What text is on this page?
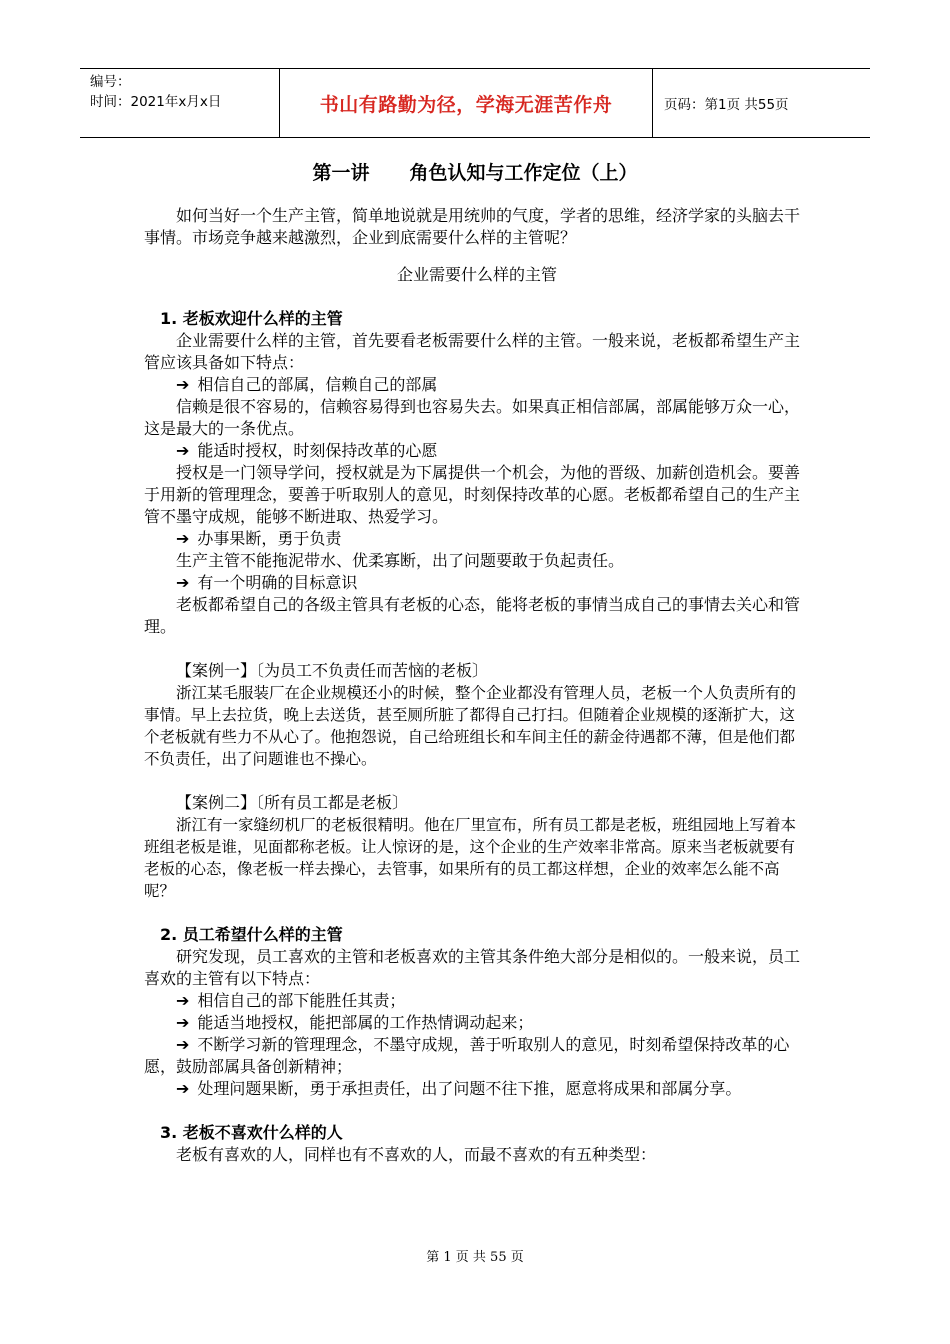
编号：
时间：2021年x月x日	书山有路勤为径，学海无涯苦作舟	页码：第1页 共55页
第一讲 角色认知与工作定位（上）

如何当好一个生产主管，简单地说就是用统帅的气度，学者的思维，经济学家的头脑去干事情。市场竞争越来越激烈，企业到底需要什么样的主管呢？

企业需要什么样的主管

1. 老板欢迎什么样的主管

企业需要什么样的主管，首先要看老板需要什么样的主管。一般来说，老板都希望生产主管应该具备如下特点：

➔ 相信自己的部属，信赖自己的部属

信赖是很不容易的，信赖容易得到也容易失去。如果真正相信部属，部属能够万众一心，这是最大的一条优点。

➔ 能适时授权，时刻保持改革的心愿

授权是一门领导学问，授权就是为下属提供一个机会，为他的晋级、加薪创造机会。要善于用新的管理理念，要善于听取别人的意见，时刻保持改革的心愿。老板都希望自己的生产主管不墨守成规，能够不断进取、热爱学习。

➔ 办事果断，勇于负责

生产主管不能拖泥带水、优柔寡断，出了问题要敢于负起责任。

➔ 有一个明确的目标意识

老板都希望自己的各级主管具有老板的心态，能将老板的事情当成自己的事情去关心和管理。

【案例一】〔为员工不负责任而苦恼的老板〕

浙江某毛服装厂在企业规模还小的时候，整个企业都没有管理人员，老板一个人负责所有的事情。早上去拉货，晚上去送货，甚至厕所脏了都得自己打扫。但随着企业规模的逐渐扩大，这个老板就有些力不从心了。他抱怨说，自己给班组长和车间主任的薪金待遇都不薄，但是他们都不负责任，出了问题谁也不操心。

【案例二】〔所有员工都是老板〕

浙江有一家缝纫机厂的老板很精明。他在厂里宣布，所有员工都是老板，班组园地上写着本班组老板是谁，见面都称老板。让人惊讶的是，这个企业的生产效率非常高。原来当老板就要有老板的心态，像老板一样去操心，去管事，如果所有的员工都这样想，企业的效率怎么能不高呢？

2. 员工希望什么样的主管

研究发现，员工喜欢的主管和老板喜欢的主管其条件绝大部分是相似的。一般来说，员工喜欢的主管有以下特点：

➔ 相信自己的部下能胜任其责；

➔ 能适当地授权，能把部属的工作热情调动起来；

➔ 不断学习新的管理理念，不墨守成规，善于听取别人的意见，时刻希望保持改革的心愿，鼓励部属具备创新精神；

➔ 处理问题果断，勇于承担责任，出了问题不往下推，愿意将成果和部属分享。

3. 老板不喜欢什么样的人

老板有喜欢的人，同样也有不喜欢的人，而最不喜欢的有五种类型：

第 1 页 共 55 页
